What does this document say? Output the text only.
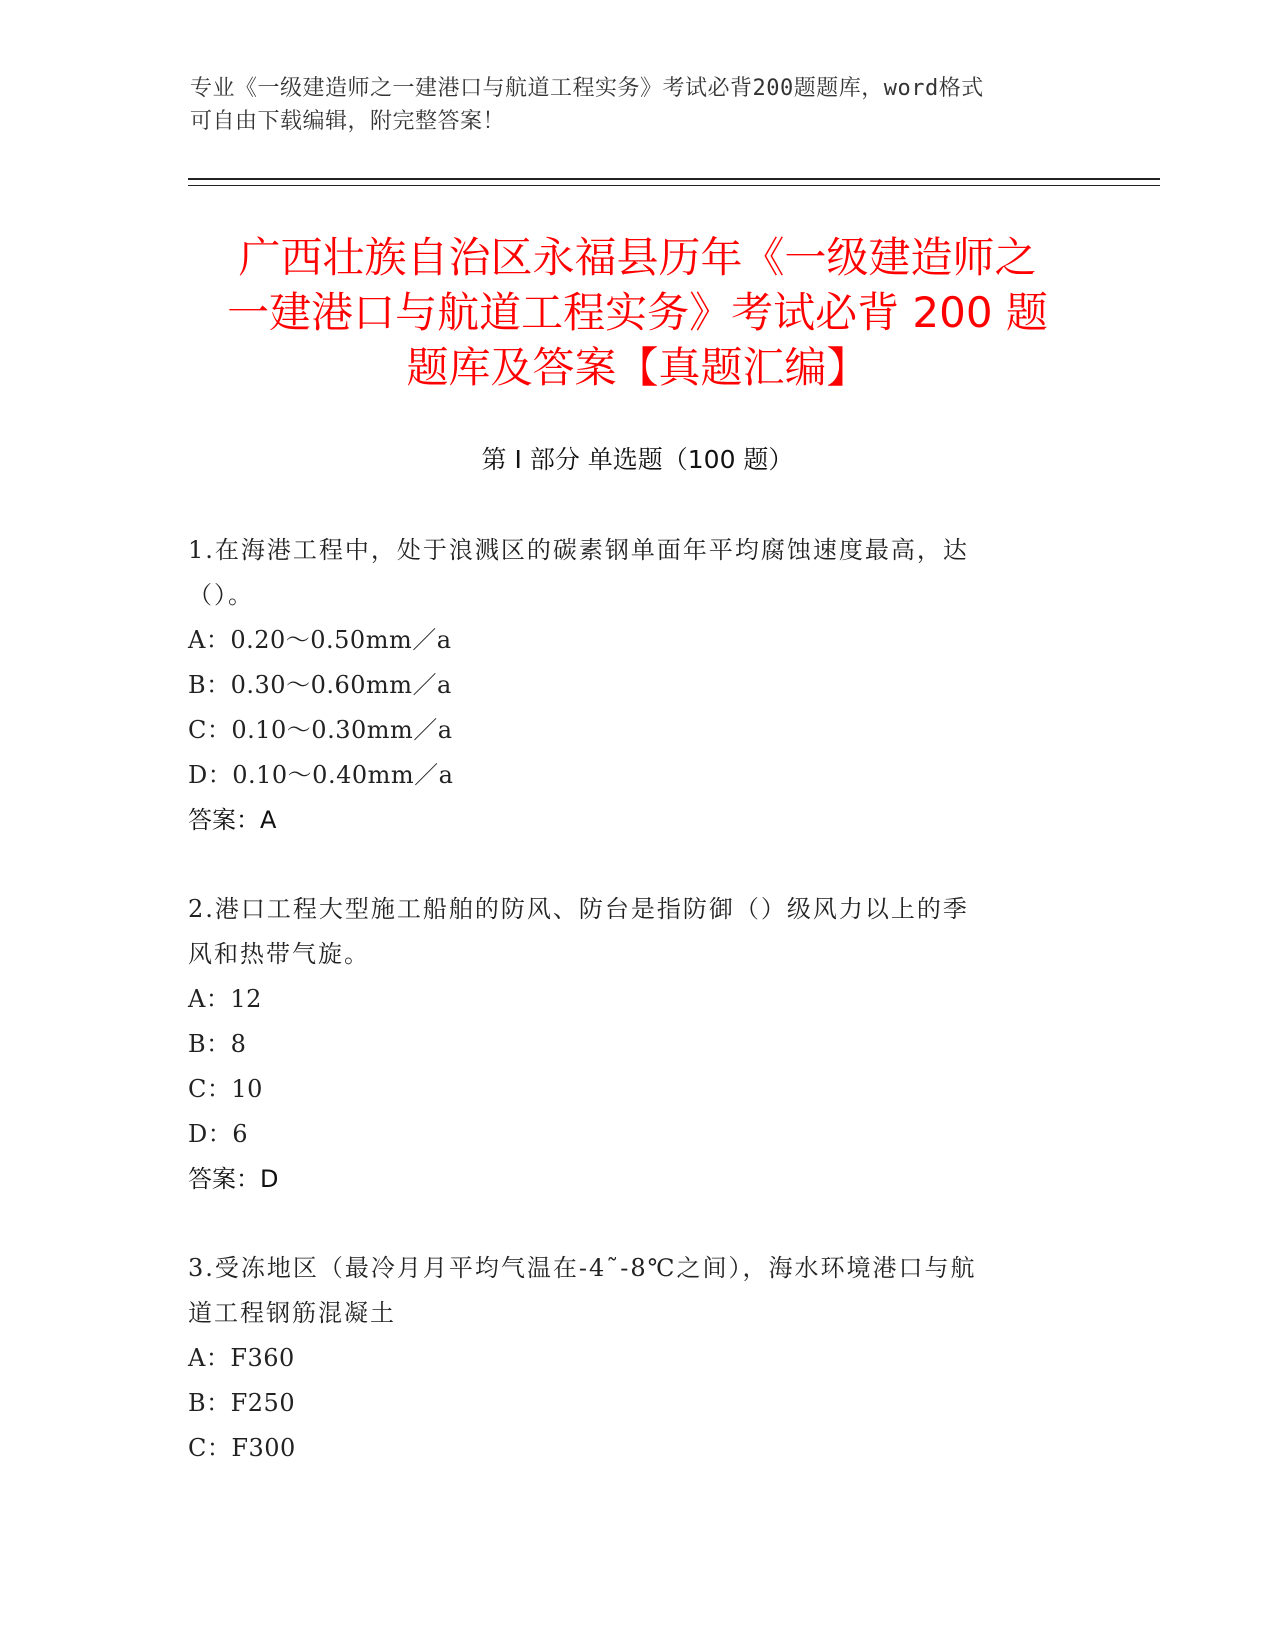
专业《一级建造师之一建港口与航道工程实务》考试必背200题题库，word格式
可自由下载编辑，附完整答案！
广西壮族自治区永福县历年《一级建造师之
一建港口与航道工程实务》考试必背 200 题
题库及答案【真题汇编】
第 I 部分 单选题（100 题）
1.在海港工程中，处于浪溅区的碳素钢单面年平均腐蚀速度最高，达
（）。
A：0.20～0.50mm／a
B：0.30～0.60mm／a
C：0.10～0.30mm／a
D：0.10～0.40mm／a
答案：A
2.港口工程大型施工船舶的防风、防台是指防御（）级风力以上的季
风和热带气旋。
A：12
B：8
C：10
D：6
答案：D
3.受冻地区（最冷月月平均气温在-4˜-8℃之间），海水环境港口与航
道工程钢筋混凝土
A：F360
B：F250
C：F300
